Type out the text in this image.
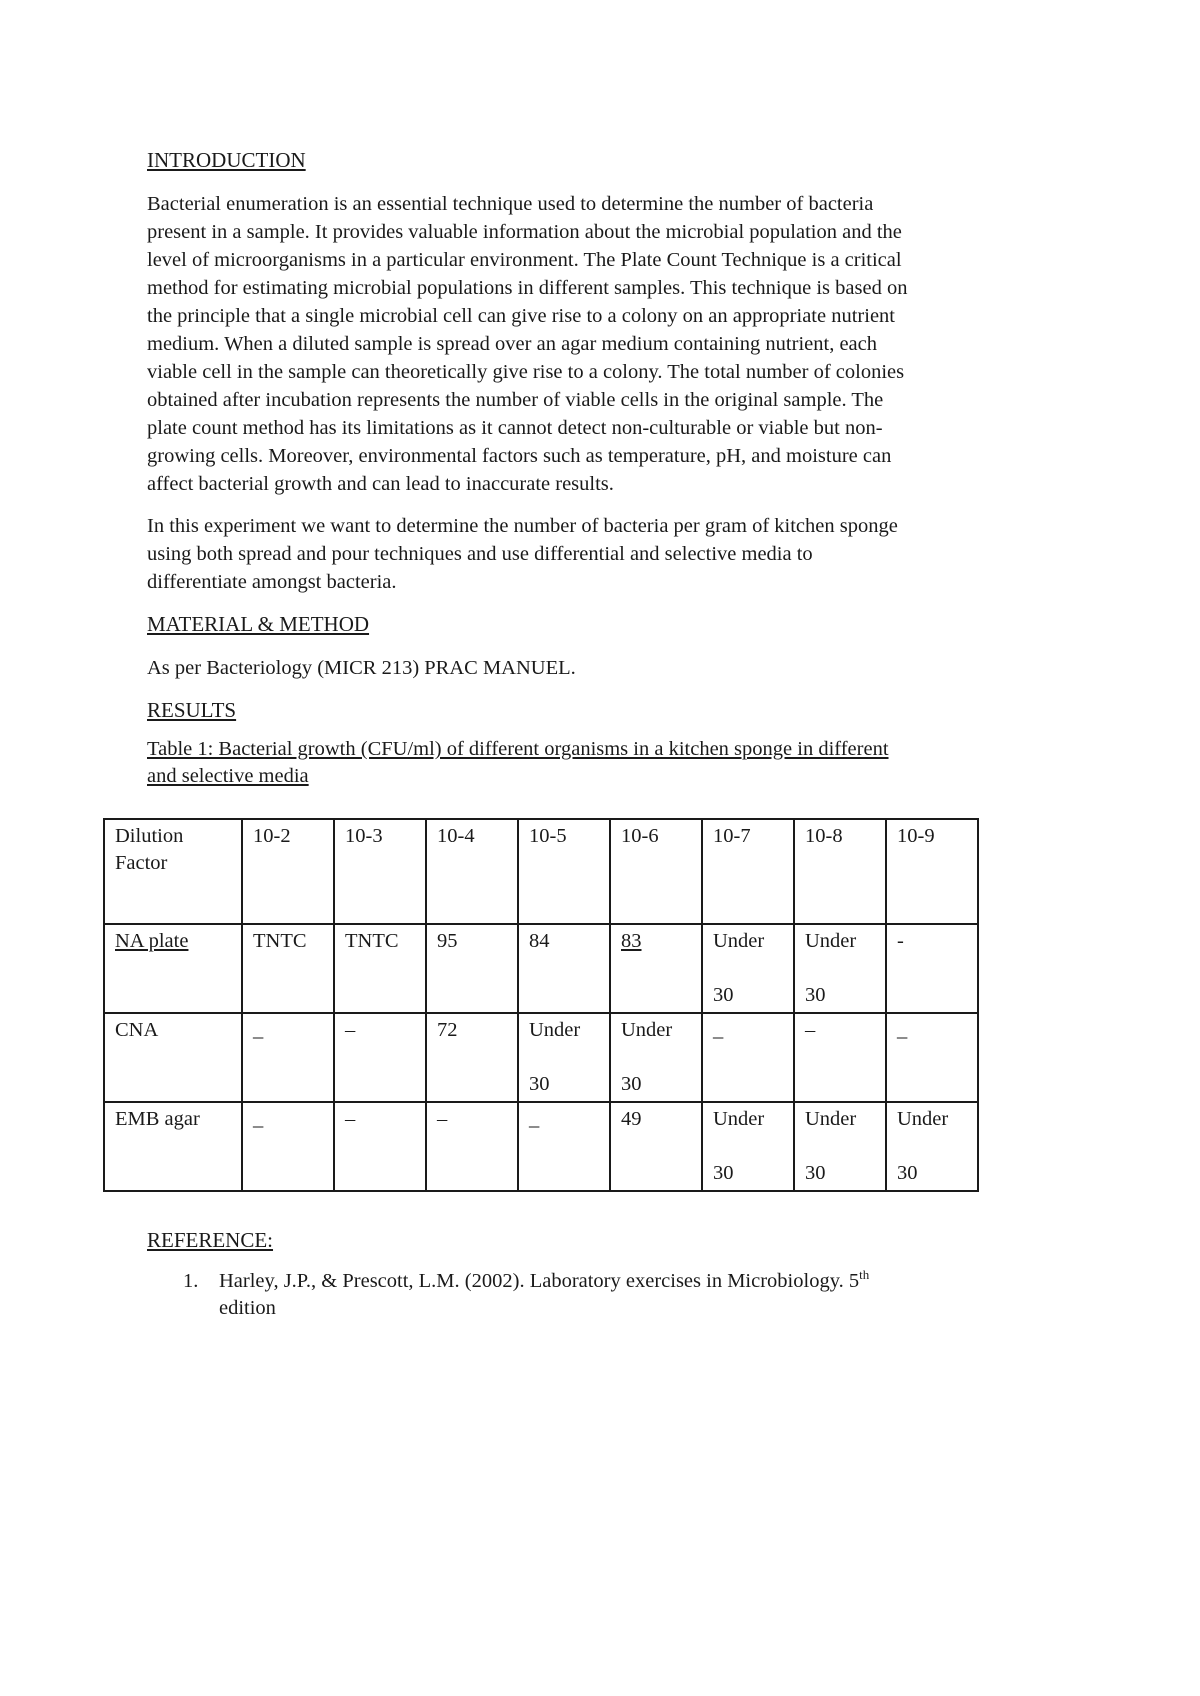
INTRODUCTION

Bacterial enumeration is an essential technique used to determine the number of bacteria
present in a sample. It provides valuable information about the microbial population and the
level of microorganisms in a particular environment. The Plate Count Technique is a critical
method for estimating microbial populations in different samples. This technique is based on
the principle that a single microbial cell can give rise to a colony on an appropriate nutrient
medium. When a diluted sample is spread over an agar medium containing nutrient, each
viable cell in the sample can theoretically give rise to a colony. The total number of colonies
obtained after incubation represents the number of viable cells in the original sample. The
plate count method has its limitations as it cannot detect non-culturable or viable but non-
growing cells. Moreover, environmental factors such as temperature, pH, and moisture can
affect bacterial growth and can lead to inaccurate results.

In this experiment we want to determine the number of bacteria per gram of kitchen sponge
using both spread and pour techniques and use differential and selective media to
differentiate amongst bacteria.

MATERIAL & METHOD

As per Bacteriology (MICR 213) PRAC MANUEL.

RESULTS
Table 1: Bacterial growth (CFU/ml) of different organisms in a kitchen sponge in different
and selective media
Dilution
Factor	10-2	10-3	10-4	10-5	10-6	10-7	10-8	10-9
NA plate	TNTC	TNTC	95	84	83	Under

30	Under

30	-
CNA	_	–	72	Under

30	Under

30	_	–	_
EMB agar	_	–	–	_	49	Under

30	Under

30	Under

30
REFERENCE:
1.	Harley, J.P., & Prescott, L.M. (2002). Laboratory exercises in Microbiology. 5th
edition
